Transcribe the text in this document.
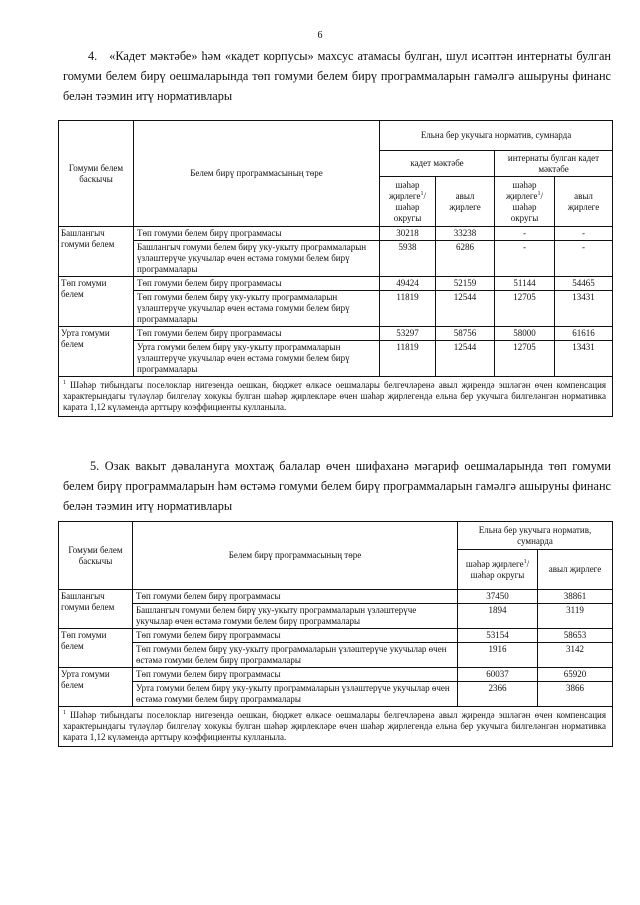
6
4.   «Кадет мәктәбе» һәм «кадет корпусы» махсус атамасы булган, шул исәптән интернаты булган гомуми белем бирү оешмаларында төп гомуми белем бирү программаларын гамәлгә ашыруны финанс белән тәэмин итү нормативлары
Гомуми белем баскычы	Белем бирү программасының төре	Ельна бер укучыга норматив, сумнарда			
		кадет мәктәбе		интернаты булган кадет мәктәбе	
		шәһәр җирлеге$^1$/ шәһәр округы	авыл җирлеге	шәһәр җирлеге$^1$/ шәһәр округы	авыл җирлеге
Башлангыч гомуми белем	Төп гомуми белем бирү программасы	30218	33238	-	-
	Башлангыч гомуми белем бирү уку-укыту программаларын үзләштерүче укучылар өчен өстәмә гомуми белем бирү программалары	5938	6286	-	-
Төп гомуми белем	Төп гомуми белем бирү программасы	49424	52159	51144	54465
	Төп гомуми белем бирү уку-укыту программаларын үзләштерүче укучылар өчен өстәмә гомуми белем бирү программалары	11819	12544	12705	13431
Урта гомуми белем	Төп гомуми белем бирү программасы	53297	58756	58000	61616
	Урта гомуми белем бирү уку-укыту программаларын үзләштерүче укучылар өчен өстәмә гомуми белем бирү программалары	11819	12544	12705	13431
$^1$ Шәһәр тибындагы поселоклар нигезендә оешкан, бюджет өлкәсе оешмалары белгечләренә авыл җирендә эшләгән өчен компенсация характерындагы түләүләр билгеләү хокукы булган шәһәр җирлекләре өчен шәһәр җирлегендә ельна бер укучыга билгеләнгән нормативка карата 1,12 күләмендә арттыру коэффициенты кулланыла.					
5. Озак вакыт дәвалануга мохтаҗ балалар өчен шифаханә мәгариф оешмаларында төп гомуми белем бирү программаларын һәм өстәмә гомуми белем бирү программаларын гамәлгә ашыруны финанс белән тәэмин итү нормативлары
Гомуми белем баскычы	Белем бирү программасының төре	Ельна бер укучыга норматив, сумнарда	
		шәһәр җирлеге$^1$/ шәһәр округы	авыл җирлеге
Башлангыч гомуми белем	Төп гомуми белем бирү программасы	37450	38861
	Башлангыч гомуми белем бирү уку-укыту программаларын үзләштерүче укучылар өчен өстәмә гомуми белем бирү программалары	1894	3119
Төп гомуми белем	Төп гомуми белем бирү программасы	53154	58653
	Төп гомуми белем бирү уку-укыту программаларын үзләштерүче укучылар өчен өстәмә гомуми белем бирү программалары	1916	3142
Урта гомуми белем	Төп гомуми белем бирү программасы	60037	65920
	Урта гомуми белем бирү уку-укыту программаларын үзләштерүче укучылар өчен өстәмә гомуми белем бирү программалары	2366	3866
$^1$ Шәһәр тибындагы поселоклар нигезендә оешкан, бюджет өлкәсе оешмалары белгечләренә авыл җирендә эшләгән өчен компенсация характерындагы түләүләр билгеләү хокукы булган шәһәр җирлекләре өчен шәһәр җирлегендә ельна бер укучыга билгеләнгән нормативка карата 1,12 күләмендә арттыру коэффициенты кулланыла.			
